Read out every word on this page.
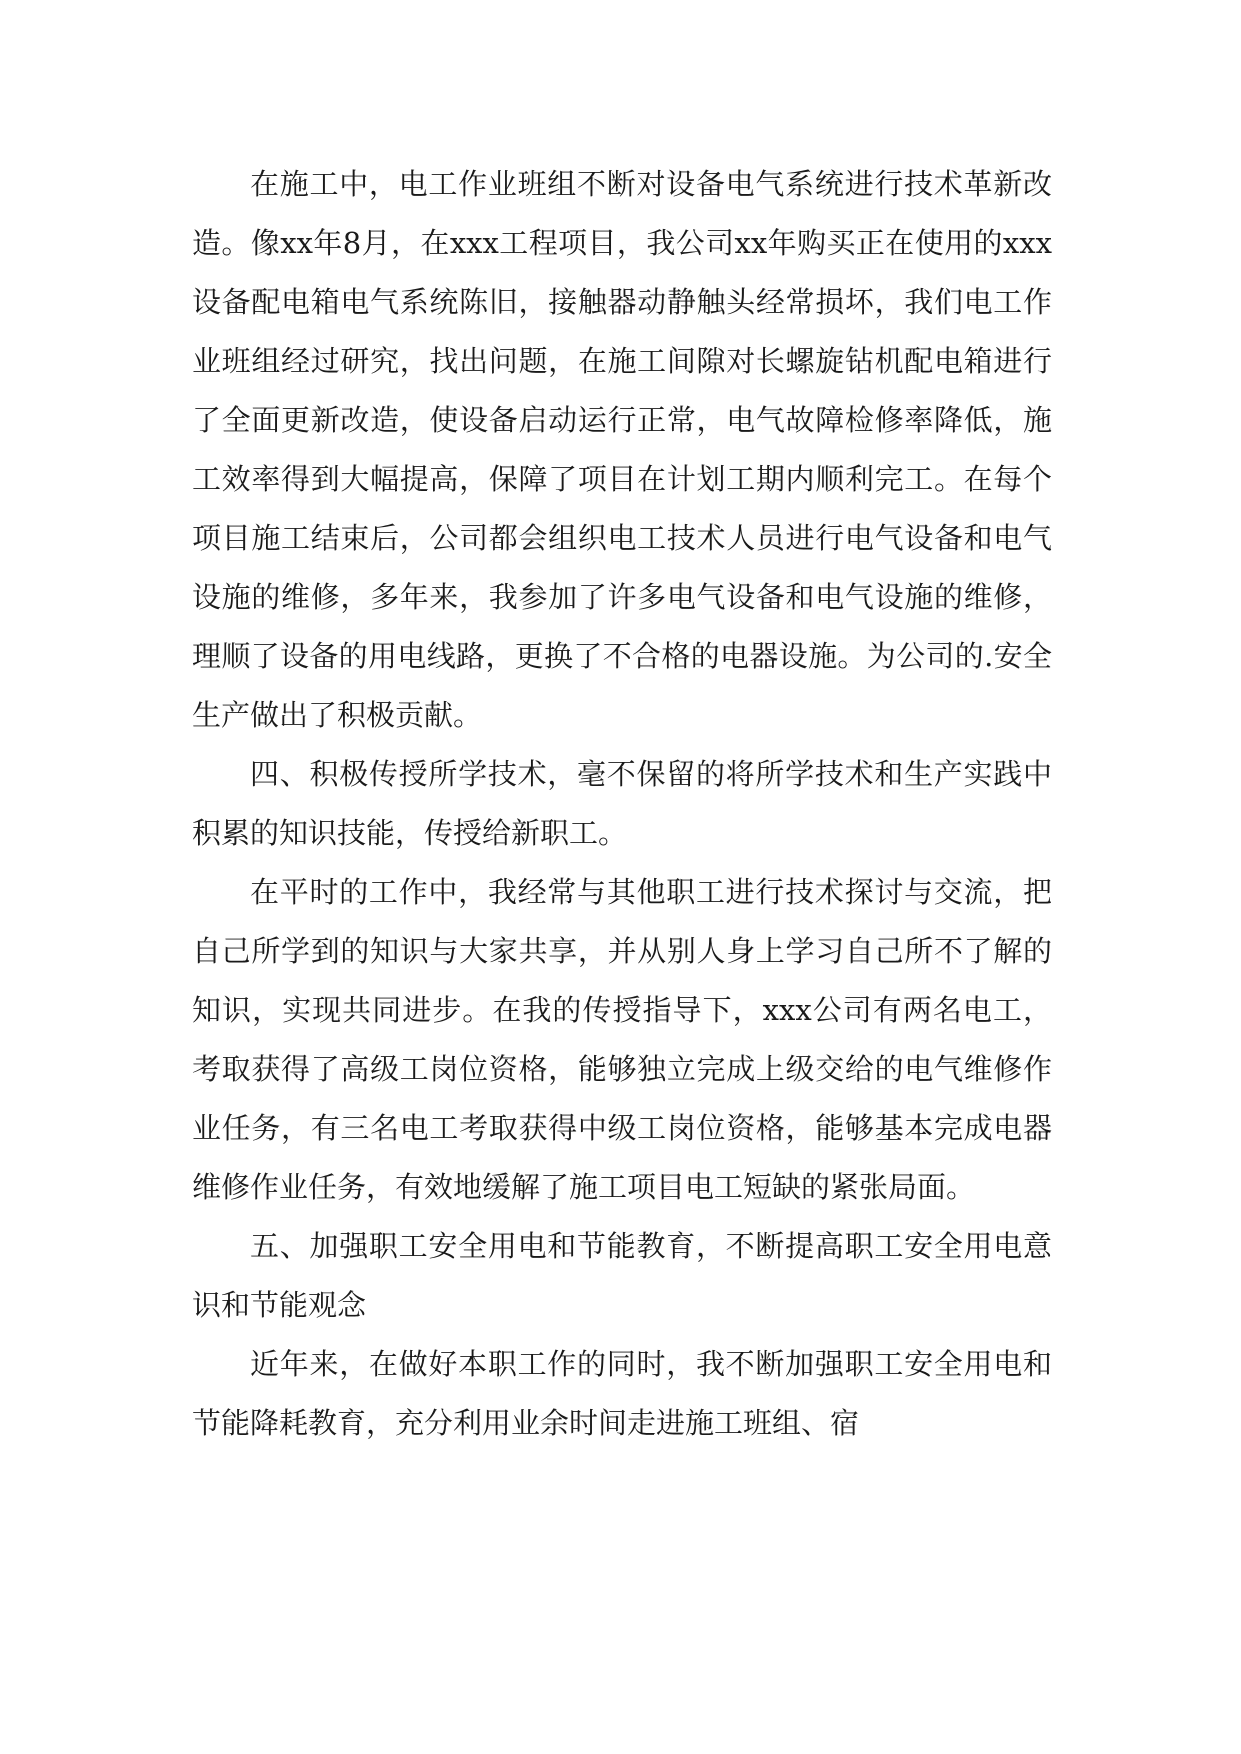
在施工中，电工作业班组不断对设备电气系统进行技术革新改造。像xx年8月，在xxx工程项目，我公司xx年购买正在使用的xxx设备配电箱电气系统陈旧，接触器动静触头经常损坏，我们电工作业班组经过研究，找出问题，在施工间隙对长螺旋钻机配电箱进行了全面更新改造，使设备启动运行正常，电气故障检修率降低，施工效率得到大幅提高，保障了项目在计划工期内顺利完工。在每个项目施工结束后，公司都会组织电工技术人员进行电气设备和电气设施的维修，多年来，我参加了许多电气设备和电气设施的维修，理顺了设备的用电线路，更换了不合格的电器设施。为公司的.安全生产做出了积极贡献。

四、积极传授所学技术，毫不保留的将所学技术和生产实践中积累的知识技能，传授给新职工。

在平时的工作中，我经常与其他职工进行技术探讨与交流，把自己所学到的知识与大家共享，并从别人身上学习自己所不了解的知识，实现共同进步。在我的传授指导下，xxx公司有两名电工，考取获得了高级工岗位资格，能够独立完成上级交给的电气维修作业任务，有三名电工考取获得中级工岗位资格，能够基本完成电器维修作业任务，有效地缓解了施工项目电工短缺的紧张局面。

五、加强职工安全用电和节能教育，不断提高职工安全用电意识和节能观念

近年来，在做好本职工作的同时，我不断加强职工安全用电和节能降耗教育，充分利用业余时间走进施工班组、宿
